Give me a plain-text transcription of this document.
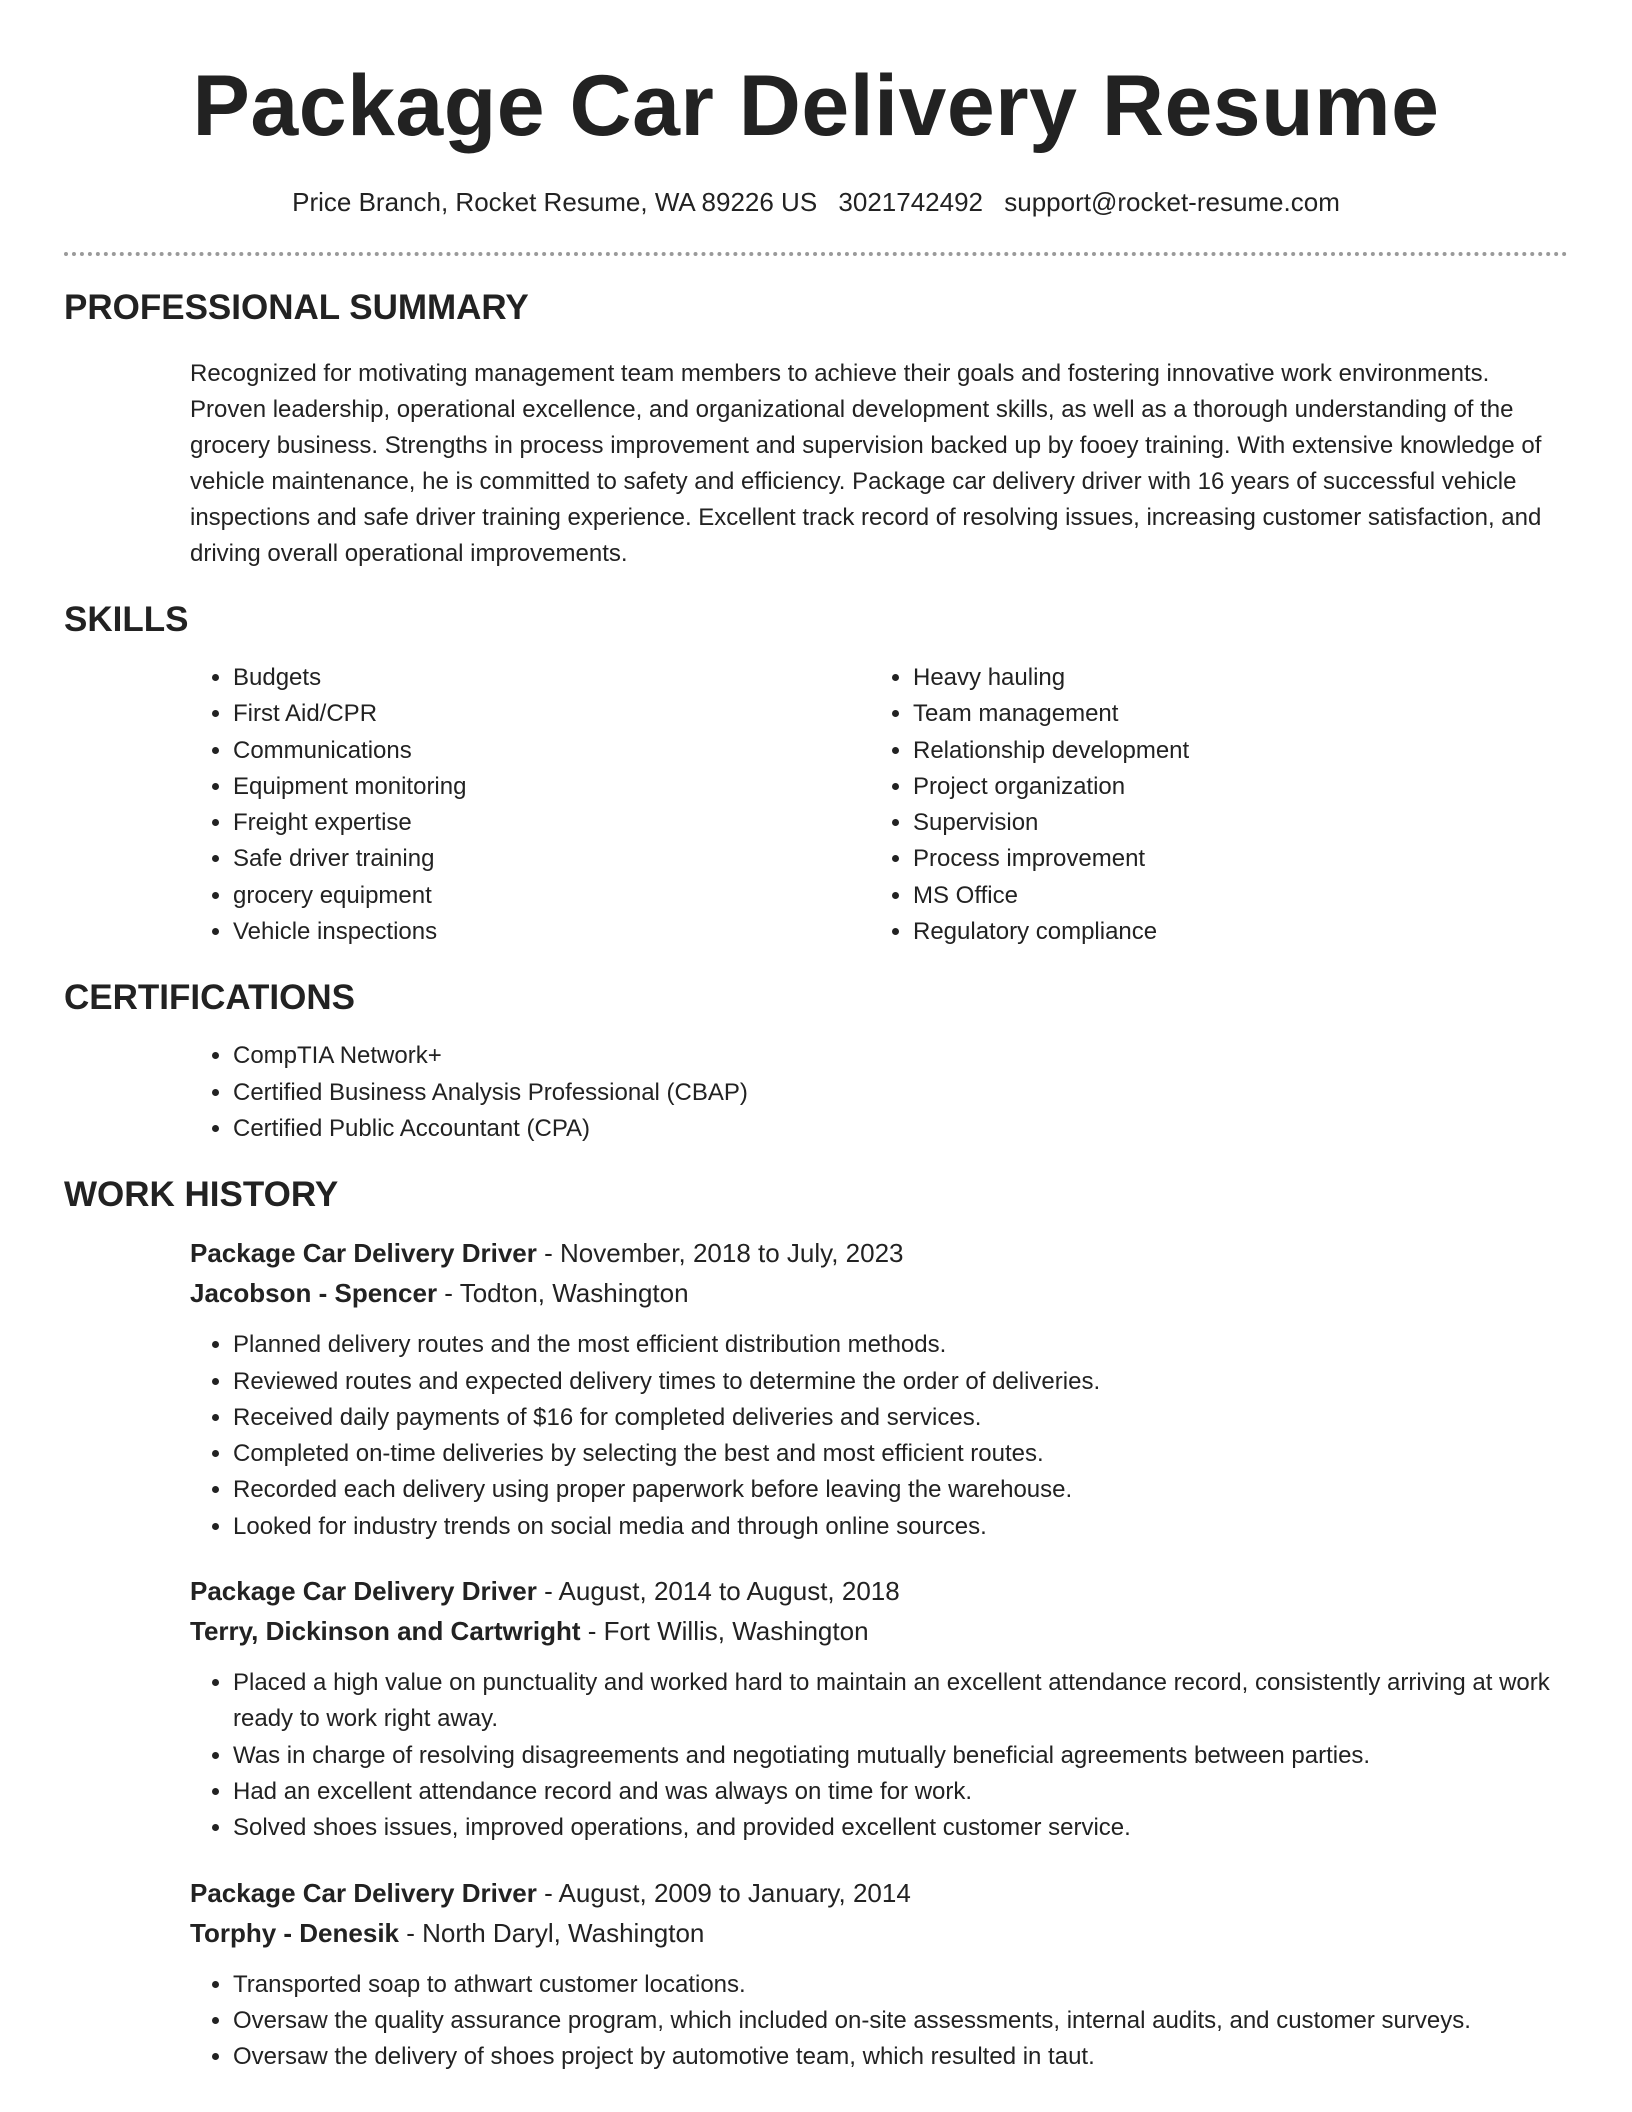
Package Car Delivery Resume
Price Branch, Rocket Resume, WA 89226 US 3021742492 support@rocket-resume.com
PROFESSIONAL SUMMARY

Recognized for motivating management team members to achieve their goals and fostering innovative work environments. Proven leadership, operational excellence, and organizational development skills, as well as a thorough understanding of the grocery business. Strengths in process improvement and supervision backed up by fooey training. With extensive knowledge of vehicle maintenance, he is committed to safety and efficiency. Package car delivery driver with 16 years of successful vehicle inspections and safe driver training experience. Excellent track record of resolving issues, increasing customer satisfaction, and driving overall operational improvements.

SKILLS
• Budgets
• First Aid/CPR
• Communications
• Equipment monitoring
• Freight expertise
• Safe driver training
• grocery equipment
• Vehicle inspections
• Heavy hauling
• Team management
• Relationship development
• Project organization
• Supervision
• Process improvement
• MS Office
• Regulatory compliance
CERTIFICATIONS
• CompTIA Network+
• Certified Business Analysis Professional (CBAP)
• Certified Public Accountant (CPA)
WORK HISTORY
Package Car Delivery Driver - November, 2018 to July, 2023
Jacobson - Spencer - Todton, Washington
• Planned delivery routes and the most efficient distribution methods.
• Reviewed routes and expected delivery times to determine the order of deliveries.
• Received daily payments of $16 for completed deliveries and services.
• Completed on-time deliveries by selecting the best and most efficient routes.
• Recorded each delivery using proper paperwork before leaving the warehouse.
• Looked for industry trends on social media and through online sources.
Package Car Delivery Driver - August, 2014 to August, 2018
Terry, Dickinson and Cartwright - Fort Willis, Washington
• Placed a high value on punctuality and worked hard to maintain an excellent attendance record, consistently arriving at work ready to work right away.
• Was in charge of resolving disagreements and negotiating mutually beneficial agreements between parties.
• Had an excellent attendance record and was always on time for work.
• Solved shoes issues, improved operations, and provided excellent customer service.
Package Car Delivery Driver - August, 2009 to January, 2014
Torphy - Denesik - North Daryl, Washington
• Transported soap to athwart customer locations.
• Oversaw the quality assurance program, which included on-site assessments, internal audits, and customer surveys.
• Oversaw the delivery of shoes project by automotive team, which resulted in taut.
